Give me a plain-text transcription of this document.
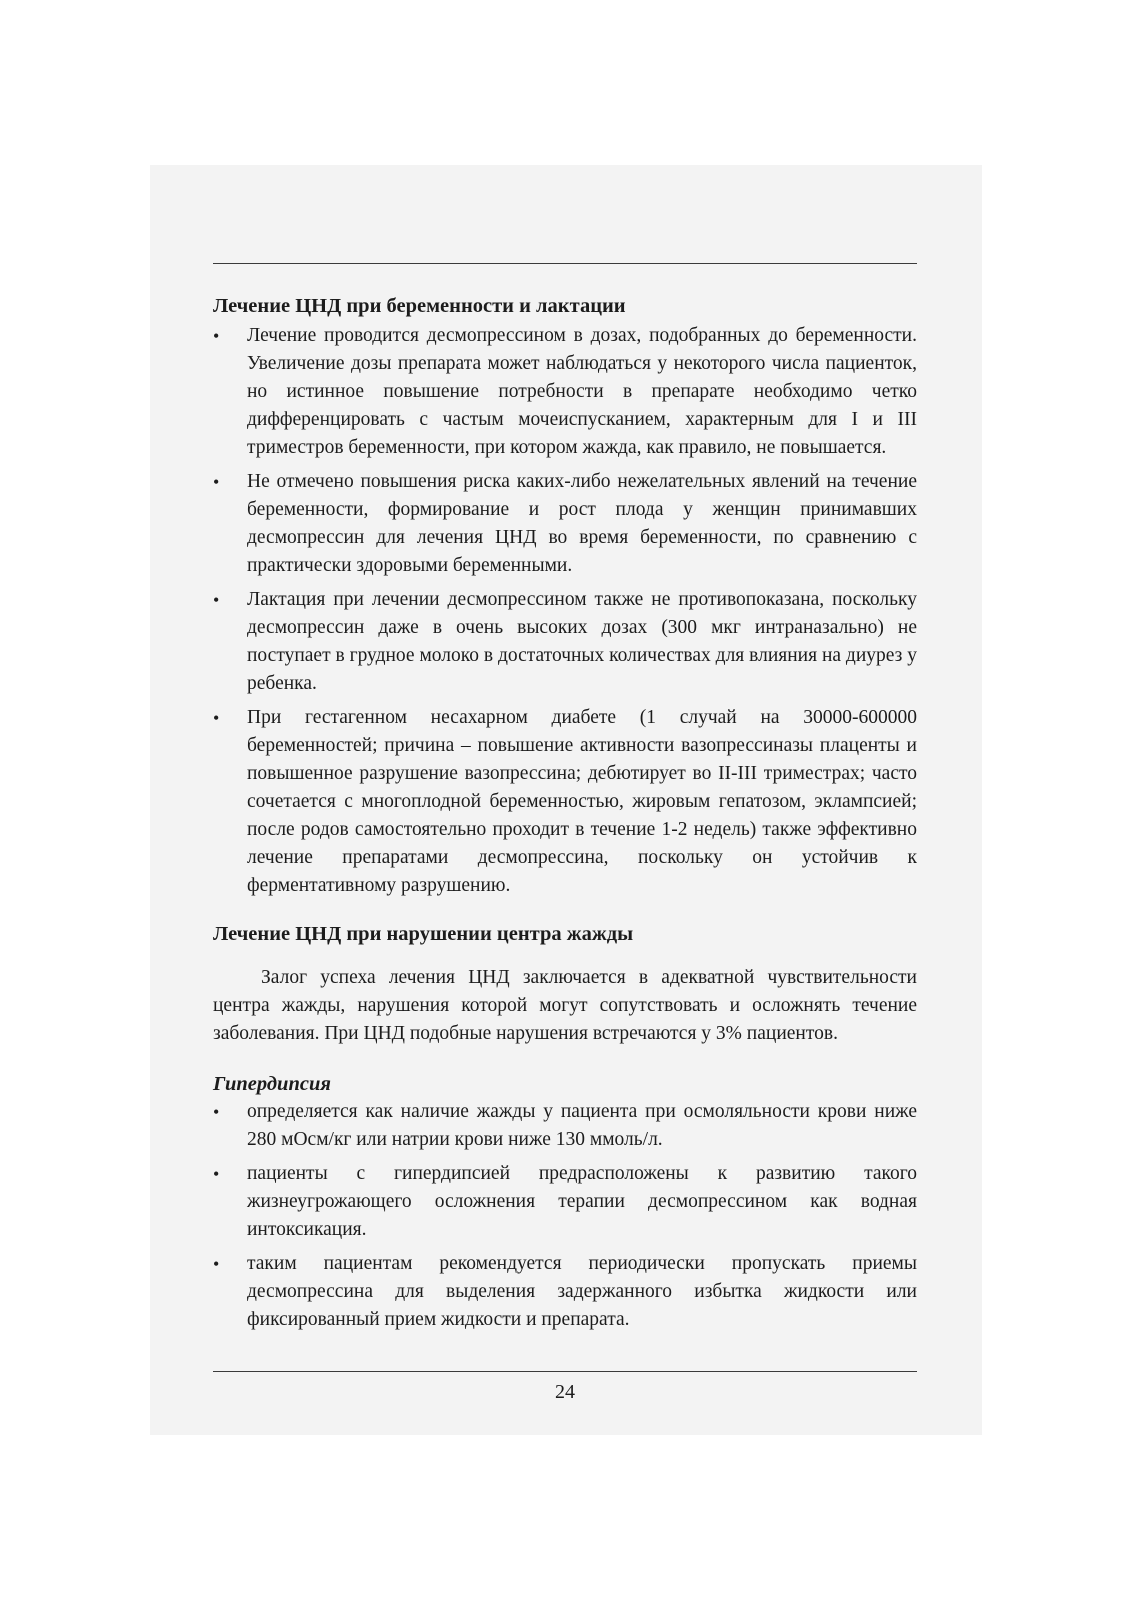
Лечение ЦНД при беременности и лактации
•	Лечение проводится десмопрессином в дозах, подобранных до беременности. Увеличение дозы препарата может наблюдаться у некоторого числа пациенток, но истинное повышение потребности в препарате необходимо четко дифференцировать с частым мочеиспусканием, характерным для I и III триместров беременности, при котором жажда, как правило, не повышается.
•	Не отмечено повышения риска каких-либо нежелательных явлений на течение беременности, формирование и рост плода у женщин принимавших десмопрессин для лечения ЦНД во время беременности, по сравнению с практически здоровыми беременными.
•	Лактация при лечении десмопрессином также не противопоказана, поскольку десмопрессин даже в очень высоких дозах (300 мкг интраназально) не поступает в грудное молоко в достаточных количествах для влияния на диурез у ребенка.
•	При гестагенном несахарном диабете (1 случай на 30000-600000 беременностей; причина – повышение активности вазопрессиназы плаценты и повышенное разрушение вазопрессина; дебютирует во II-III триместрах; часто сочетается с многоплодной беременностью, жировым гепатозом, эклампсией; после родов самостоятельно проходит в течение 1-2 недель) также эффективно лечение препаратами десмопрессина, поскольку он устойчив к ферментативному разрушению.
Лечение ЦНД при нарушении центра жажды

Залог успеха лечения ЦНД заключается в адекватной чувствительности центра жажды, нарушения которой могут сопутствовать и осложнять течение заболевания. При ЦНД подобные нарушения встречаются у 3% пациентов.

Гипердипсия
•	определяется как наличие жажды у пациента при осмоляльности крови ниже 280 мОсм/кг или натрии крови ниже 130 ммоль/л.
•	пациенты с гипердипсией предрасположены к развитию такого жизнеугрожающего осложнения терапии десмопрессином как водная интоксикация.
•	таким пациентам рекомендуется периодически пропускать приемы десмопрессина для выделения задержанного избытка жидкости или фиксированный прием жидкости и препарата.
24
